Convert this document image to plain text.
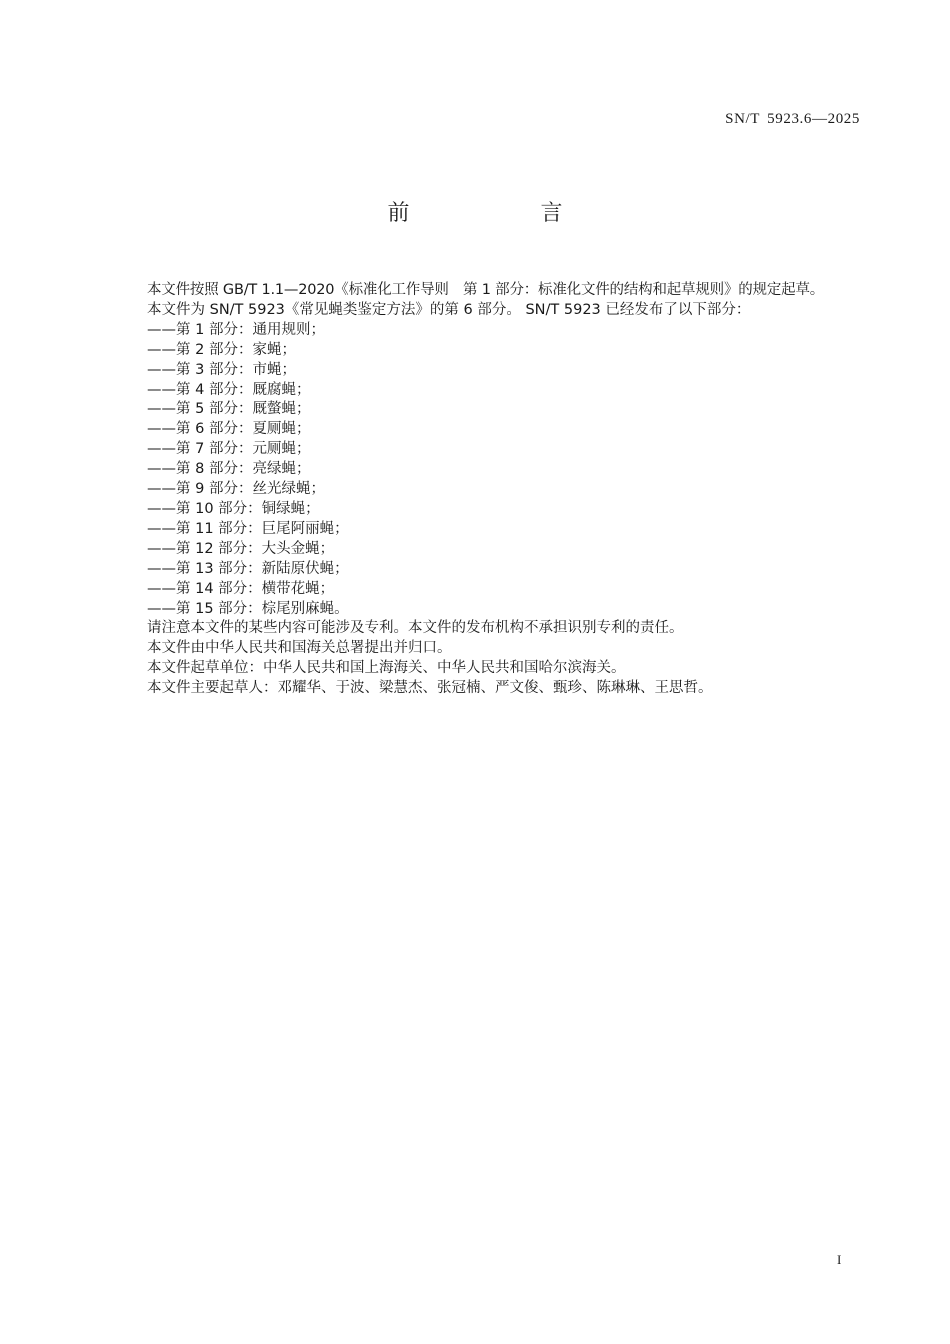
SN/T 5923.6—2025
前 言

本文件按照 GB/T 1.1—2020《标准化工作导则　第 1 部分：标准化文件的结构和起草规则》的规定起草。

本文件为 SN/T 5923《常见蝇类鉴定方法》的第 6 部分。 SN/T 5923 已经发布了以下部分：

——第 1 部分：通用规则；
——第 2 部分：家蝇；
——第 3 部分：市蝇；
——第 4 部分：厩腐蝇；
——第 5 部分：厩螫蝇；
——第 6 部分：夏厕蝇；
——第 7 部分：元厕蝇；
——第 8 部分：亮绿蝇；
——第 9 部分：丝光绿蝇；
——第 10 部分：铜绿蝇；
——第 11 部分：巨尾阿丽蝇；
——第 12 部分：大头金蝇；
——第 13 部分：新陆原伏蝇；
——第 14 部分：横带花蝇；
——第 15 部分：棕尾别麻蝇。

请注意本文件的某些内容可能涉及专利。本文件的发布机构不承担识别专利的责任。

本文件由中华人民共和国海关总署提出并归口。

本文件起草单位：中华人民共和国上海海关、中华人民共和国哈尔滨海关。

本文件主要起草人：邓耀华、于波、梁慧杰、张冠楠、严文俊、甄珍、陈琳琳、王思哲。

I
